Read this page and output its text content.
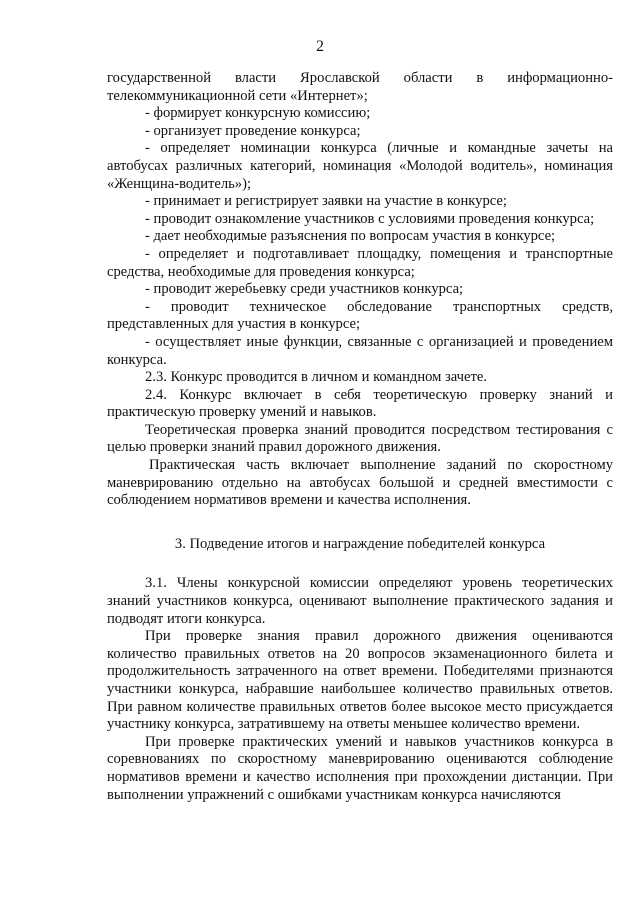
2

государственной власти Ярославской области в информационно-телекоммуникационной сети «Интернет»;

- формирует конкурсную комиссию;

- организует проведение конкурса;

- определяет номинации конкурса (личные и командные зачеты на автобусах различных категорий, номинация «Молодой водитель», номинация «Женщина-водитель»);

- принимает и регистрирует заявки на участие в конкурсе;

- проводит ознакомление участников с условиями проведения конкурса;

- дает необходимые разъяснения по вопросам участия в конкурсе;

- определяет и подготавливает площадку, помещения и транспортные средства, необходимые для проведения конкурса;

- проводит жеребьевку среди участников конкурса;

- проводит техническое обследование транспортных средств, представленных для участия в конкурсе;

- осуществляет иные функции, связанные с организацией и проведением конкурса.

2.3. Конкурс проводится в личном и командном зачете.

2.4. Конкурс включает в себя теоретическую проверку знаний и практическую проверку умений и навыков.

Теоретическая проверка знаний проводится посредством тестирования с целью проверки знаний правил дорожного движения.

Практическая часть включает выполнение заданий по скоростному маневрированию отдельно на автобусах большой и средней вместимости с соблюдением нормативов времени и качества исполнения.

3. Подведение итогов и награждение победителей конкурса

3.1. Члены конкурсной комиссии определяют уровень теоретических знаний участников конкурса, оценивают выполнение практического задания и подводят итоги конкурса.

При проверке знания правил дорожного движения оцениваются количество правильных ответов на 20 вопросов экзаменационного билета и продолжительность затраченного на ответ времени. Победителями признаются участники конкурса, набравшие наибольшее количество правильных ответов. При равном количестве правильных ответов более высокое место присуждается участнику конкурса, затратившему на ответы меньшее количество времени.

При проверке практических умений и навыков участников конкурса в соревнованиях по скоростному маневрированию оцениваются соблюдение нормативов времени и качество исполнения при прохождении дистанции. При выполнении упражнений с ошибками участникам конкурса начисляются
